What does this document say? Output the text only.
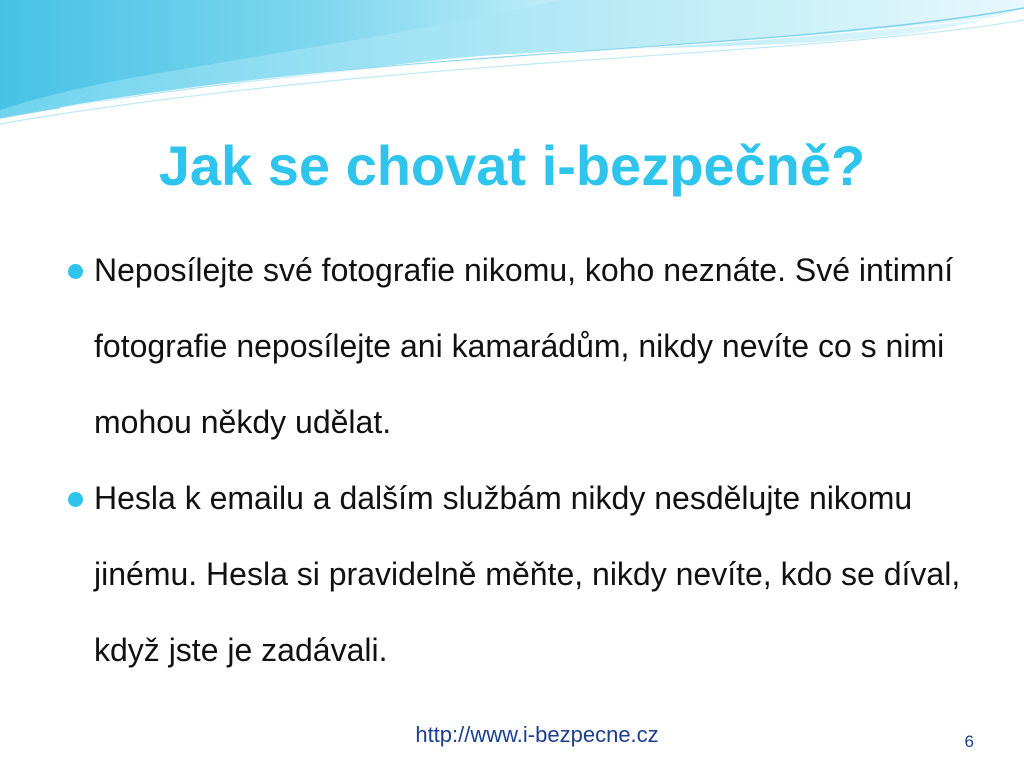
Jak se chovat i-bezpečně?
Neposílejte své fotografie nikomu, koho neznáte. Své intimní fotografie neposílejte ani kamarádům, nikdy nevíte co s nimi mohou někdy udělat.
Hesla k emailu a dalším službám nikdy nesdělujte nikomu jinému. Hesla si pravidelně měňte, nikdy nevíte, kdo se díval, když jste je zadávali.
http://www.i-bezpecne.cz	6
